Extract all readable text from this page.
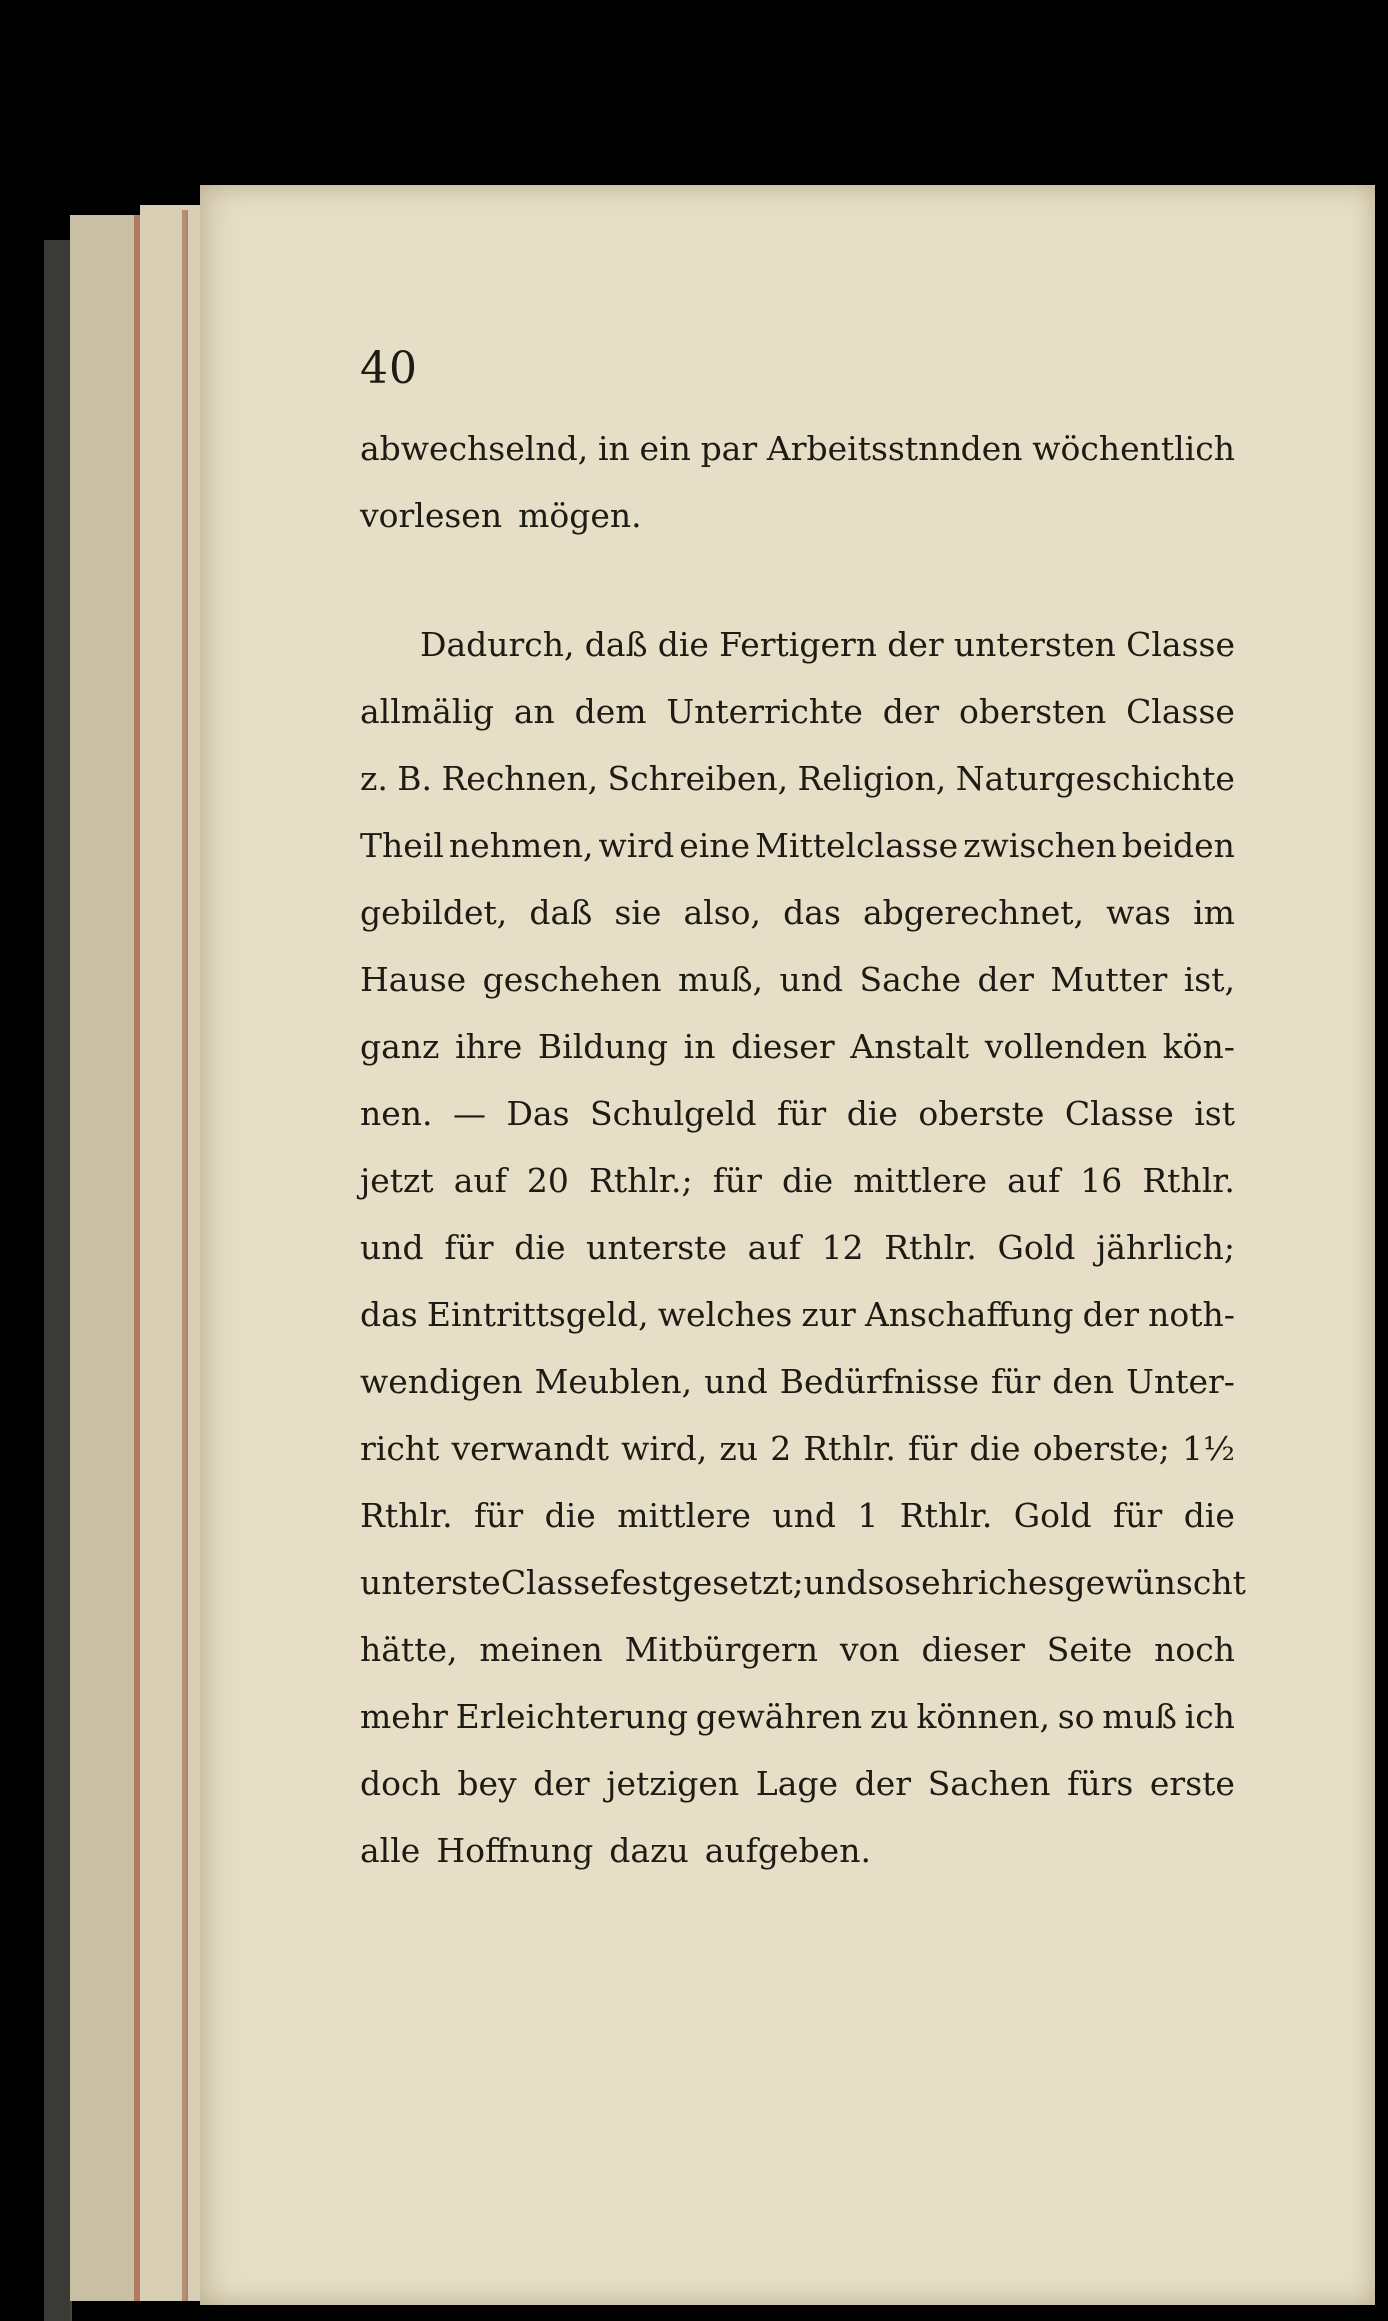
40
abwechselnd, in ein par Arbeitsstnnden wöchentlich
vorlesen mögen.
Dadurch, daß die Fertigern der untersten Classe
allmälig an dem Unterrichte der obersten Classe
z. B. Rechnen, Schreiben, Religion, Naturgeschichte
Theil nehmen, wird eine Mittelclasse zwischen beiden
gebildet, daß sie also, das abgerechnet, was im
Hause geschehen muß, und Sache der Mutter ist,
ganz ihre Bildung in dieser Anstalt vollenden kön-
nen. — Das Schulgeld für die oberste Classe ist
jetzt auf 20 Rthlr.; für die mittlere auf 16 Rthlr.
und für die unterste auf 12 Rthlr. Gold jährlich;
das Eintrittsgeld, welches zur Anschaffung der noth-
wendigen Meublen, und Bedürfnisse für den Unter-
richt verwandt wird, zu 2 Rthlr. für die oberste; 1½
Rthlr. für die mittlere und 1 Rthlr. Gold für die
unterste Classe festgesetzt; und so sehr ich es gewünscht
hätte, meinen Mitbürgern von dieser Seite noch
mehr Erleichterung gewähren zu können, so muß ich
doch bey der jetzigen Lage der Sachen fürs erste
alle Hoffnung dazu aufgeben.
